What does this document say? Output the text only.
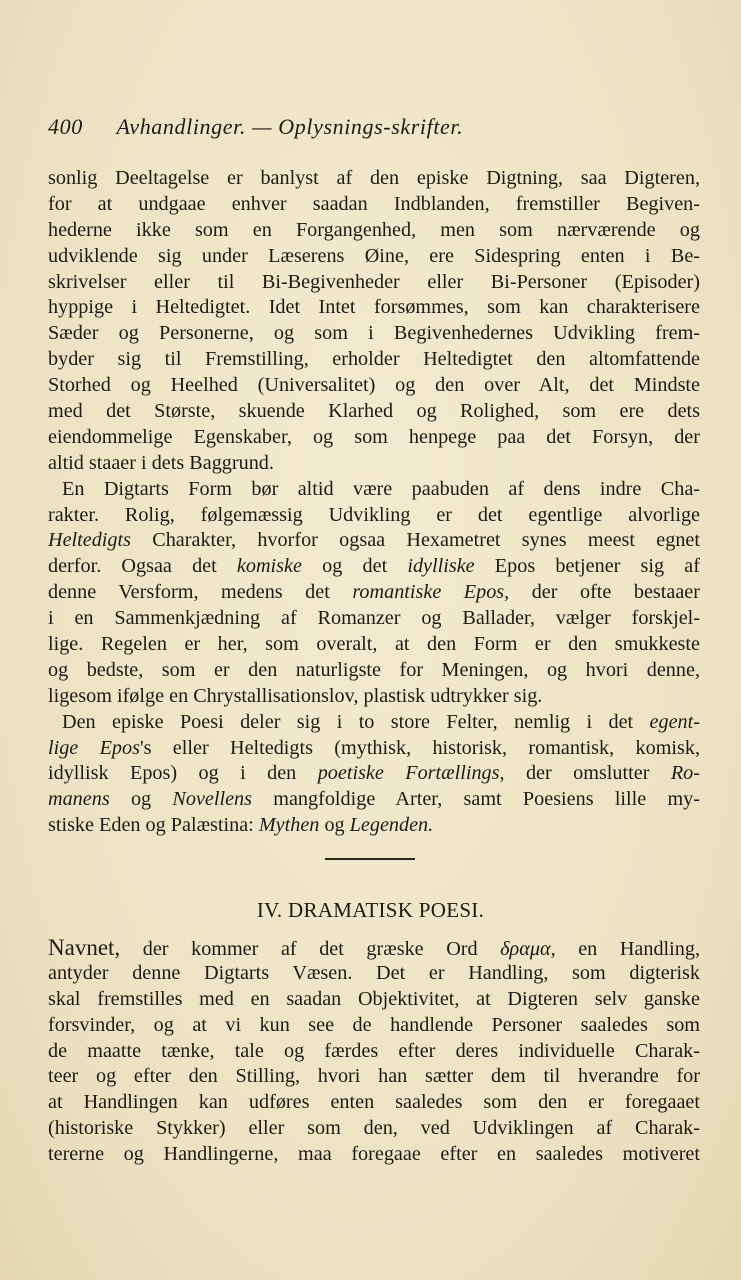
400 Avhandlinger. — Oplysnings-skrifter.
sonlig Deeltagelse er banlyst af den episke Digtning, saa Digteren,
for at undgaae enhver saadan Indblanden, fremstiller Begiven-
hederne ikke som en Forgangenhed, men som nærværende og
udviklende sig under Læserens Øine, ere Sidespring enten i Be-
skrivelser eller til Bi-Begivenheder eller Bi-Personer (Episoder)
hyppige i Heltedigtet. Idet Intet forsømmes, som kan charakterisere
Sæder og Personerne, og som i Begivenhedernes Udvikling frem-
byder sig til Fremstilling, erholder Heltedigtet den altomfattende
Storhed og Heelhed (Universalitet) og den over Alt, det Mindste
med det Største, skuende Klarhed og Rolighed, som ere dets
eiendommelige Egenskaber, og som henpege paa det Forsyn, der
altid staaer i dets Baggrund.
En Digtarts Form bør altid være paabuden af dens indre Cha-
rakter. Rolig, følgemæssig Udvikling er det egentlige alvorlige
Heltedigts Charakter, hvorfor ogsaa Hexametret synes meest egnet
derfor. Ogsaa det komiske og det idylliske Epos betjener sig af
denne Versform, medens det romantiske Epos, der ofte bestaaer
i en Sammenkjædning af Romanzer og Ballader, vælger forskjel-
lige. Regelen er her, som overalt, at den Form er den smukkeste
og bedste, som er den naturligste for Meningen, og hvori denne,
ligesom ifølge en Chrystallisationslov, plastisk udtrykker sig.
Den episke Poesi deler sig i to store Felter, nemlig i det egent-
lige Epos's eller Heltedigts (mythisk, historisk, romantisk, komisk,
idyllisk Epos) og i den poetiske Fortællings, der omslutter Ro-
manens og Novellens mangfoldige Arter, samt Poesiens lille my-
stiske Eden og Palæstina: Mythen og Legenden.
IV. DRAMATISK POESI.
Navnet, der kommer af det græske Ord δραμα, en Handling,
antyder denne Digtarts Væsen. Det er Handling, som digterisk
skal fremstilles med en saadan Objektivitet, at Digteren selv ganske
forsvinder, og at vi kun see de handlende Personer saaledes som
de maatte tænke, tale og færdes efter deres individuelle Charak-
teer og efter den Stilling, hvori han sætter dem til hverandre for
at Handlingen kan udføres enten saaledes som den er foregaaet
(historiske Stykker) eller som den, ved Udviklingen af Charak-
tererne og Handlingerne, maa foregaae efter en saaledes motiveret
